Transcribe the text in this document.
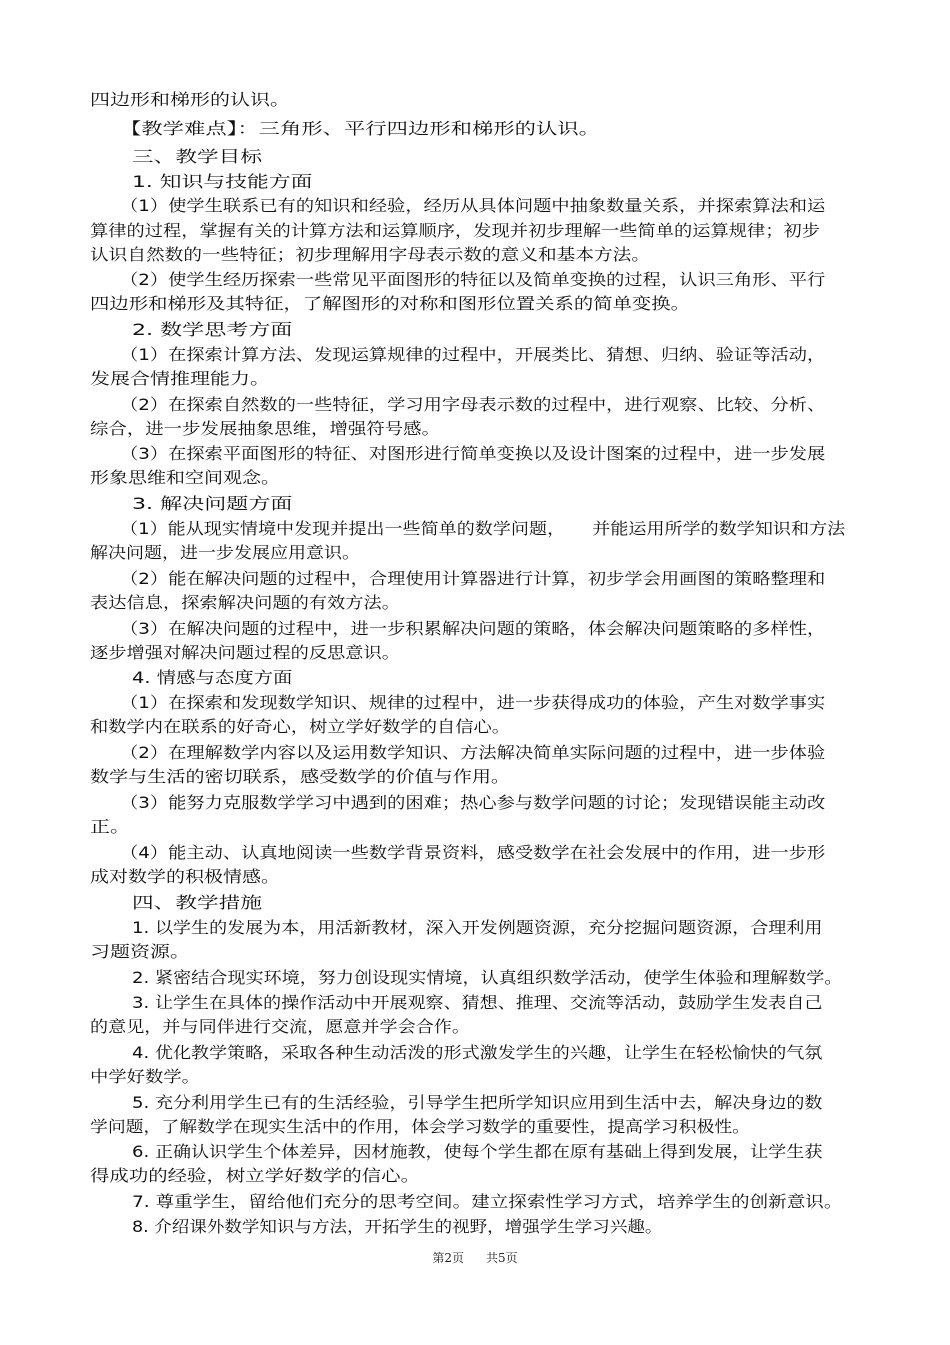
四边形和梯形的认识。
【教学难点】：三角形、平行四边形和梯形的认识。
三、教学目标
1. 知识与技能方面
（1）使学生联系已有的知识和经验，经历从具体问题中抽象数量关系，并探索算法和运
算律的过程，掌握有关的计算方法和运算顺序，发现并初步理解一些简单的运算规律；初步
认识自然数的一些特征；初步理解用字母表示数的意义和基本方法。
（2）使学生经历探索一些常见平面图形的特征以及简单变换的过程，认识三角形、平行
四边形和梯形及其特征，了解图形的对称和图形位置关系的简单变换。
2. 数学思考方面
（1）在探索计算方法、发现运算规律的过程中，开展类比、猜想、归纳、验证等活动，
发展合情推理能力。
（2）在探索自然数的一些特征，学习用字母表示数的过程中，进行观察、比较、分析、
综合，进一步发展抽象思维，增强符号感。
（3）在探索平面图形的特征、对图形进行简单变换以及设计图案的过程中，进一步发展
形象思维和空间观念。
3. 解决问题方面
（1）能从现实情境中发现并提出一些简单的数学问题，　　并能运用所学的数学知识和方法
解决问题，进一步发展应用意识。
（2）能在解决问题的过程中，合理使用计算器进行计算，初步学会用画图的策略整理和
表达信息，探索解决问题的有效方法。
（3）在解决问题的过程中，进一步积累解决问题的策略，体会解决问题策略的多样性，
逐步增强对解决问题过程的反思意识。
4. 情感与态度方面
（1）在探索和发现数学知识、规律的过程中，进一步获得成功的体验，产生对数学事实
和数学内在联系的好奇心，树立学好数学的自信心。
（2）在理解数学内容以及运用数学知识、方法解决简单实际问题的过程中，进一步体验
数学与生活的密切联系，感受数学的价值与作用。
（3）能努力克服数学学习中遇到的困难；热心参与数学问题的讨论；发现错误能主动改
正。
（4）能主动、认真地阅读一些数学背景资料，感受数学在社会发展中的作用，进一步形
成对数学的积极情感。
四、教学措施
1. 以学生的发展为本，用活新教材，深入开发例题资源，充分挖掘问题资源，合理利用
习题资源。
2. 紧密结合现实环境，努力创设现实情境，认真组织数学活动，使学生体验和理解数学。
3. 让学生在具体的操作活动中开展观察、猜想、推理、交流等活动，鼓励学生发表自己
的意见，并与同伴进行交流，愿意并学会合作。
4. 优化教学策略，采取各种生动活泼的形式激发学生的兴趣，让学生在轻松愉快的气氛
中学好数学。
5. 充分利用学生已有的生活经验，引导学生把所学知识应用到生活中去，解决身边的数
学问题，了解数学在现实生活中的作用，体会学习数学的重要性，提高学习积极性。
6. 正确认识学生个体差异，因材施教，使每个学生都在原有基础上得到发展，让学生获
得成功的经验，树立学好数学的信心。
7. 尊重学生，留给他们充分的思考空间。建立探索性学习方式，培养学生的创新意识。
8. 介绍课外数学知识与方法，开拓学生的视野，增强学生学习兴趣。
第2页 共5页
